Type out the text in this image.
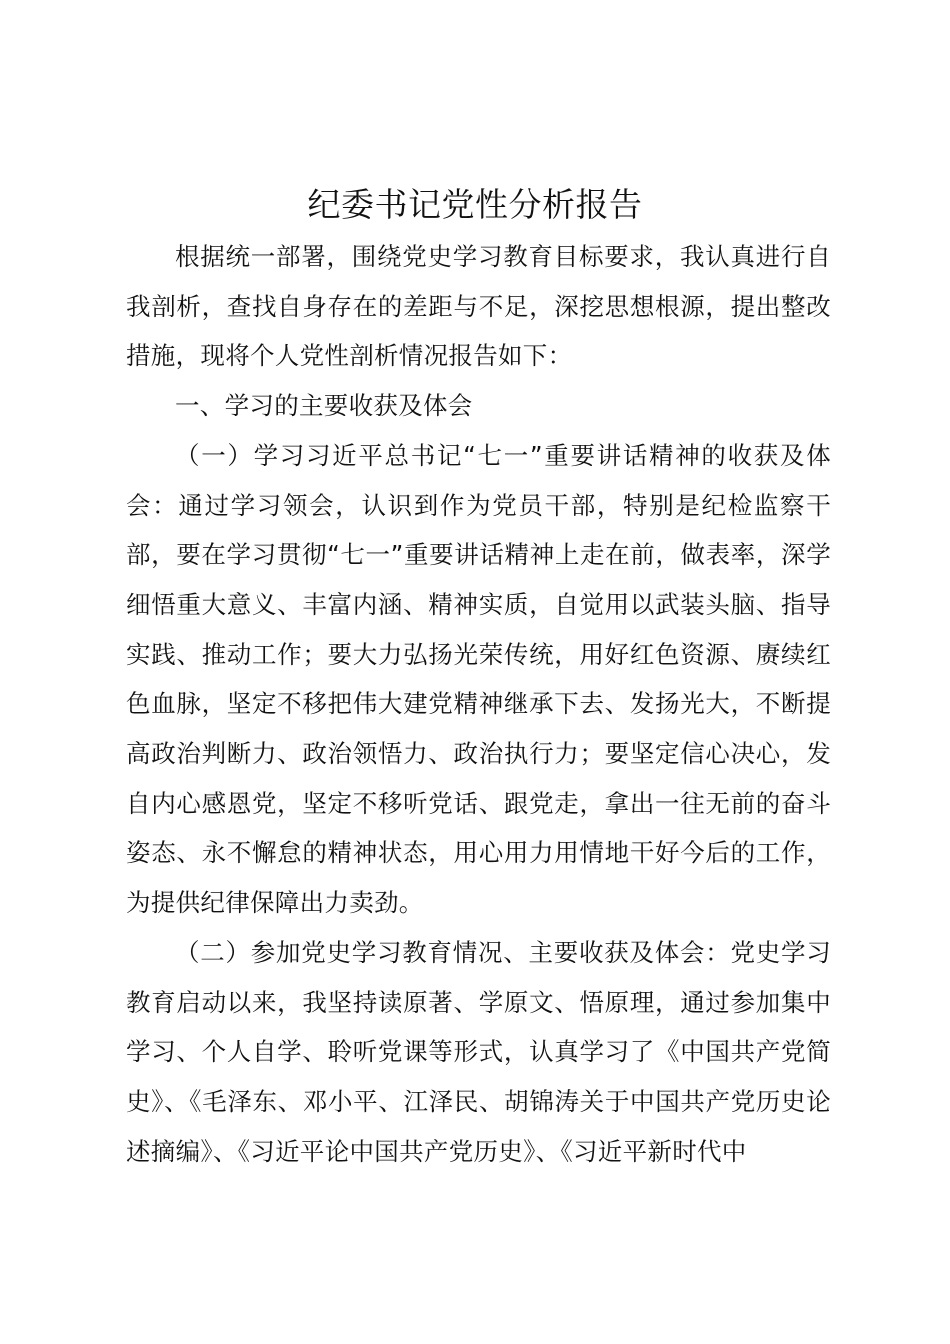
纪委书记党性分析报告

根据统一部署，围绕党史学习教育目标要求，我认真进行自我剖析，查找自身存在的差距与不足，深挖思想根源，提出整改措施，现将个人党性剖析情况报告如下：

一、学习的主要收获及体会

（一）学习习近平总书记“七一”重要讲话精神的收获及体会：通过学习领会，认识到作为党员干部，特别是纪检监察干部，要在学习贯彻“七一”重要讲话精神上走在前，做表率，深学细悟重大意义、丰富内涵、精神实质，自觉用以武装头脑、指导实践、推动工作；要大力弘扬光荣传统，用好红色资源、赓续红色血脉，坚定不移把伟大建党精神继承下去、发扬光大，不断提高政治判断力、政治领悟力、政治执行力；要坚定信心决心，发自内心感恩党，坚定不移听党话、跟党走，拿出一往无前的奋斗姿态、永不懈怠的精神状态，用心用力用情地干好今后的工作，为提供纪律保障出力卖劲。

（二）参加党史学习教育情况、主要收获及体会：党史学习教育启动以来，我坚持读原著、学原文、悟原理，通过参加集中学习、个人自学、聆听党课等形式，认真学习了《中国共产党简史》、《毛泽东、邓小平、江泽民、胡锦涛关于中国共产党历史论述摘编》、《习近平论中国共产党历史》、《习近平新时代中
